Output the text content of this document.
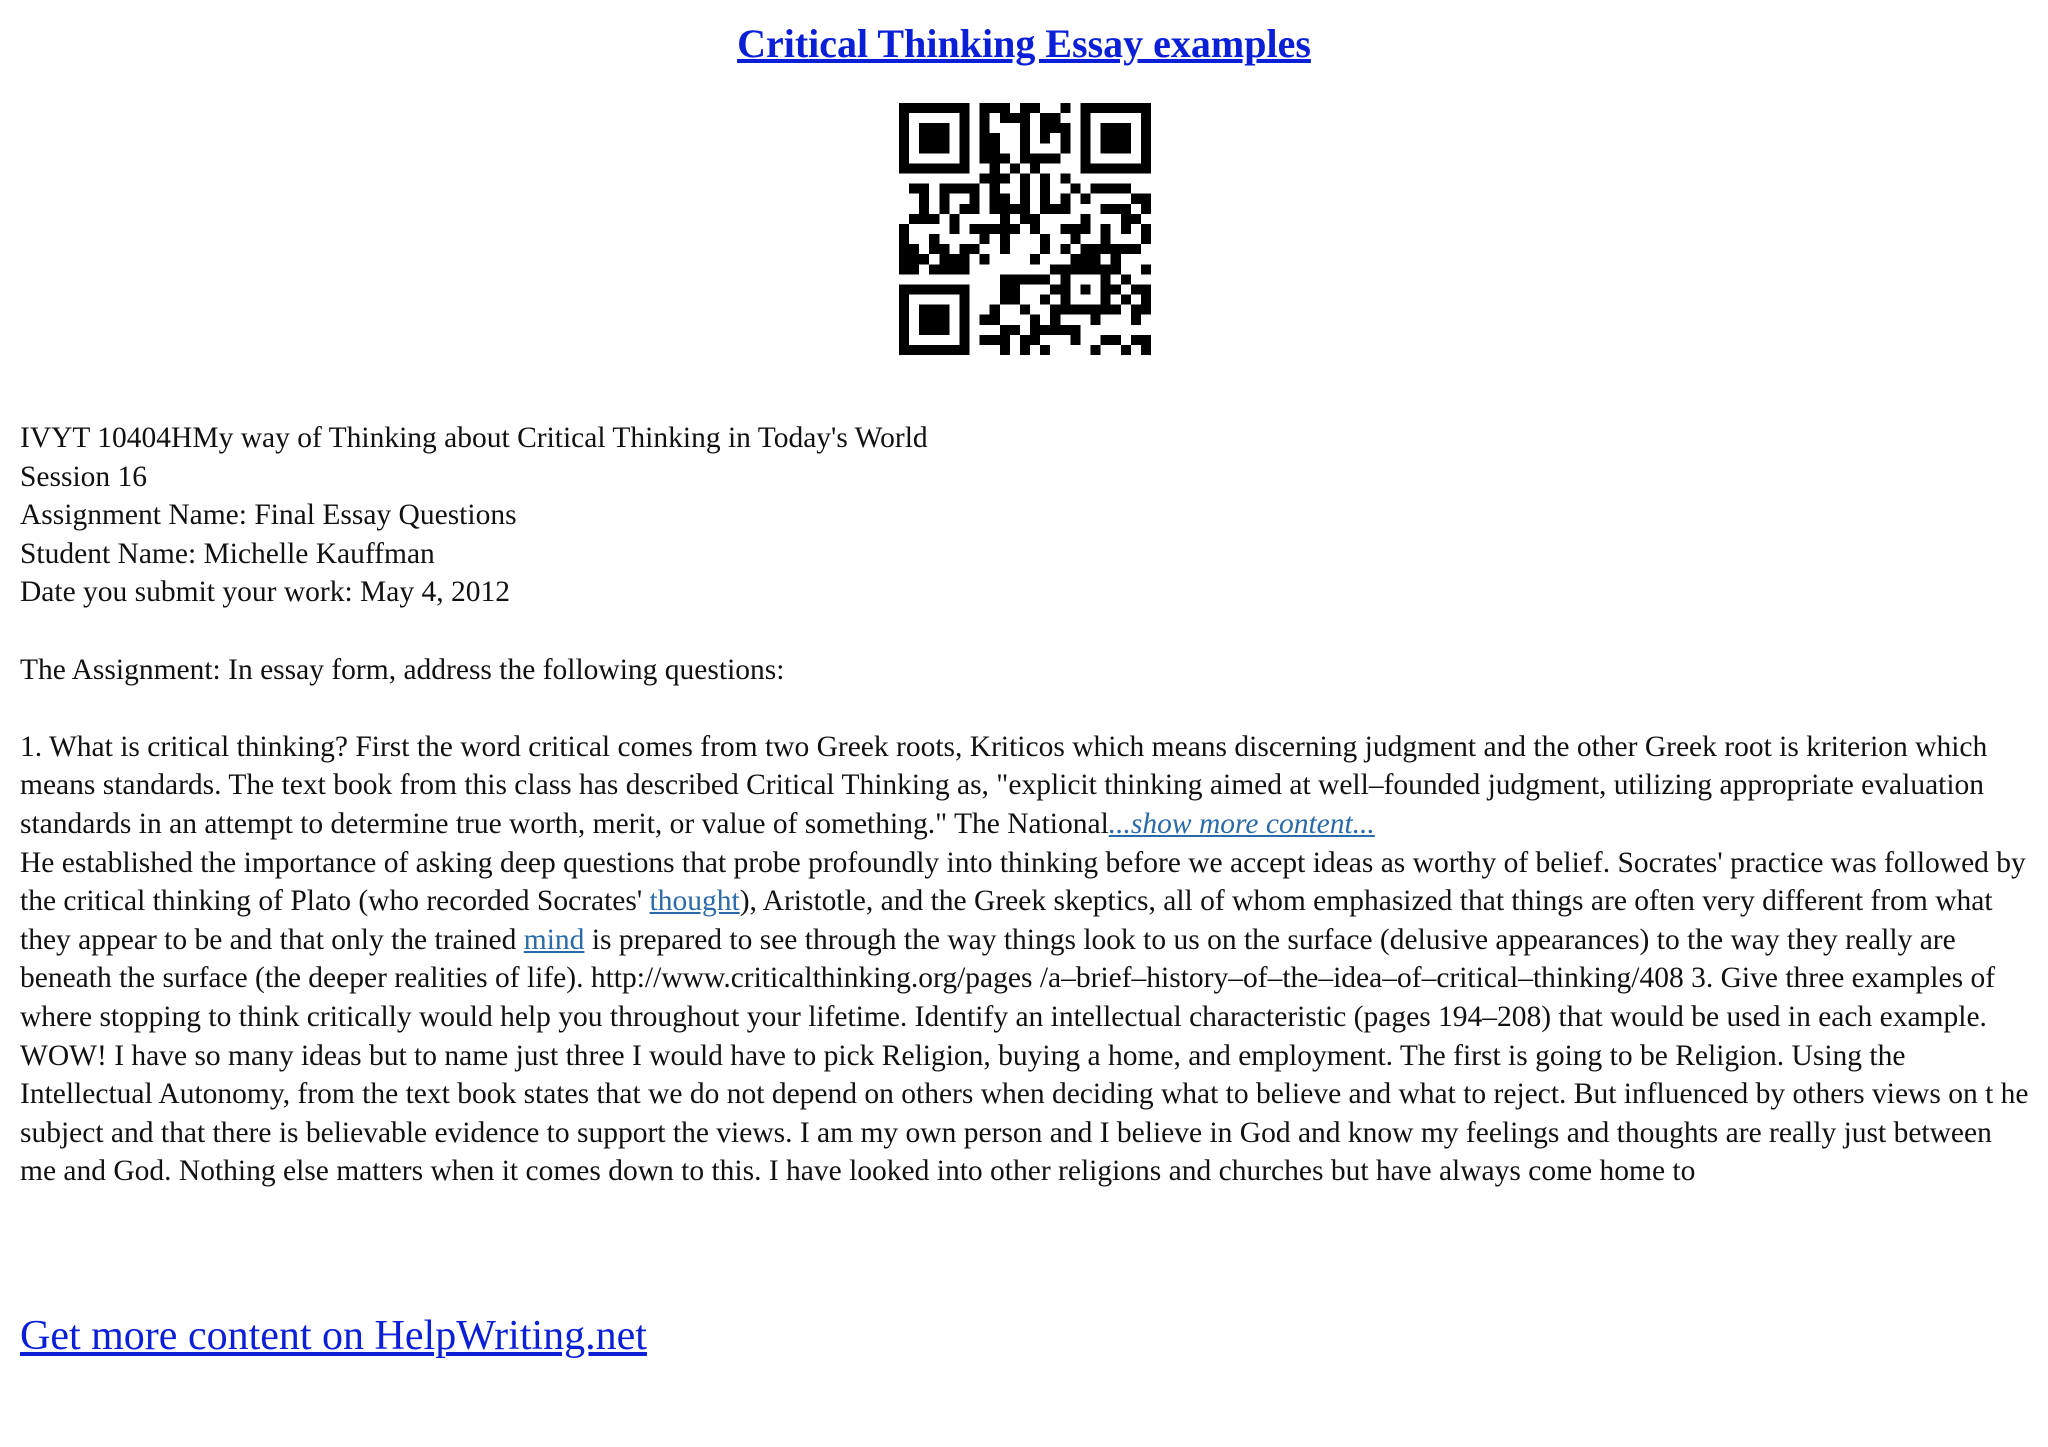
Critical Thinking Essay examples

IVYT 10404HMy way of Thinking about Critical Thinking in Today's World

Session 16

Assignment Name: Final Essay Questions

Student Name: Michelle Kauffman

Date you submit your work: May 4, 2012

The Assignment: In essay form, address the following questions:

1. What is critical thinking? First the word critical comes from two Greek roots, Kriticos which means discerning judgment and the other Greek root is kriterion which means standards. The text book from this class has described Critical Thinking as, "explicit thinking aimed at well–founded judgment, utilizing appropriate evaluation standards in an attempt to determine true worth, merit, or value of something." The National...show more content...
He established the importance of asking deep questions that probe profoundly into thinking before we accept ideas as worthy of belief. Socrates' practice was followed by the critical thinking of Plato (who recorded Socrates' thought), Aristotle, and the Greek skeptics, all of whom emphasized that things are often very different from what they appear to be and that only the trained mind is prepared to see through the way things look to us on the surface (delusive appearances) to the way they really are beneath the surface (the deeper realities of life). http://www.criticalthinking.org/pages /a–brief–history–of–the–idea–of–critical–thinking/408 3. Give three examples of where stopping to think critically would help you throughout your lifetime. Identify an intellectual characteristic (pages 194–208) that would be used in each example. WOW! I have so many ideas but to name just three I would have to pick Religion, buying a home, and employment. The first is going to be Religion. Using the Intellectual Autonomy, from the text book states that we do not depend on others when deciding what to believe and what to reject. But influenced by others views on t he subject and that there is believable evidence to support the views. I am my own person and I believe in God and know my feelings and thoughts are really just between me and God. Nothing else matters when it comes down to this. I have looked into other religions and churches but have always come home to

Get more content on HelpWriting.net
